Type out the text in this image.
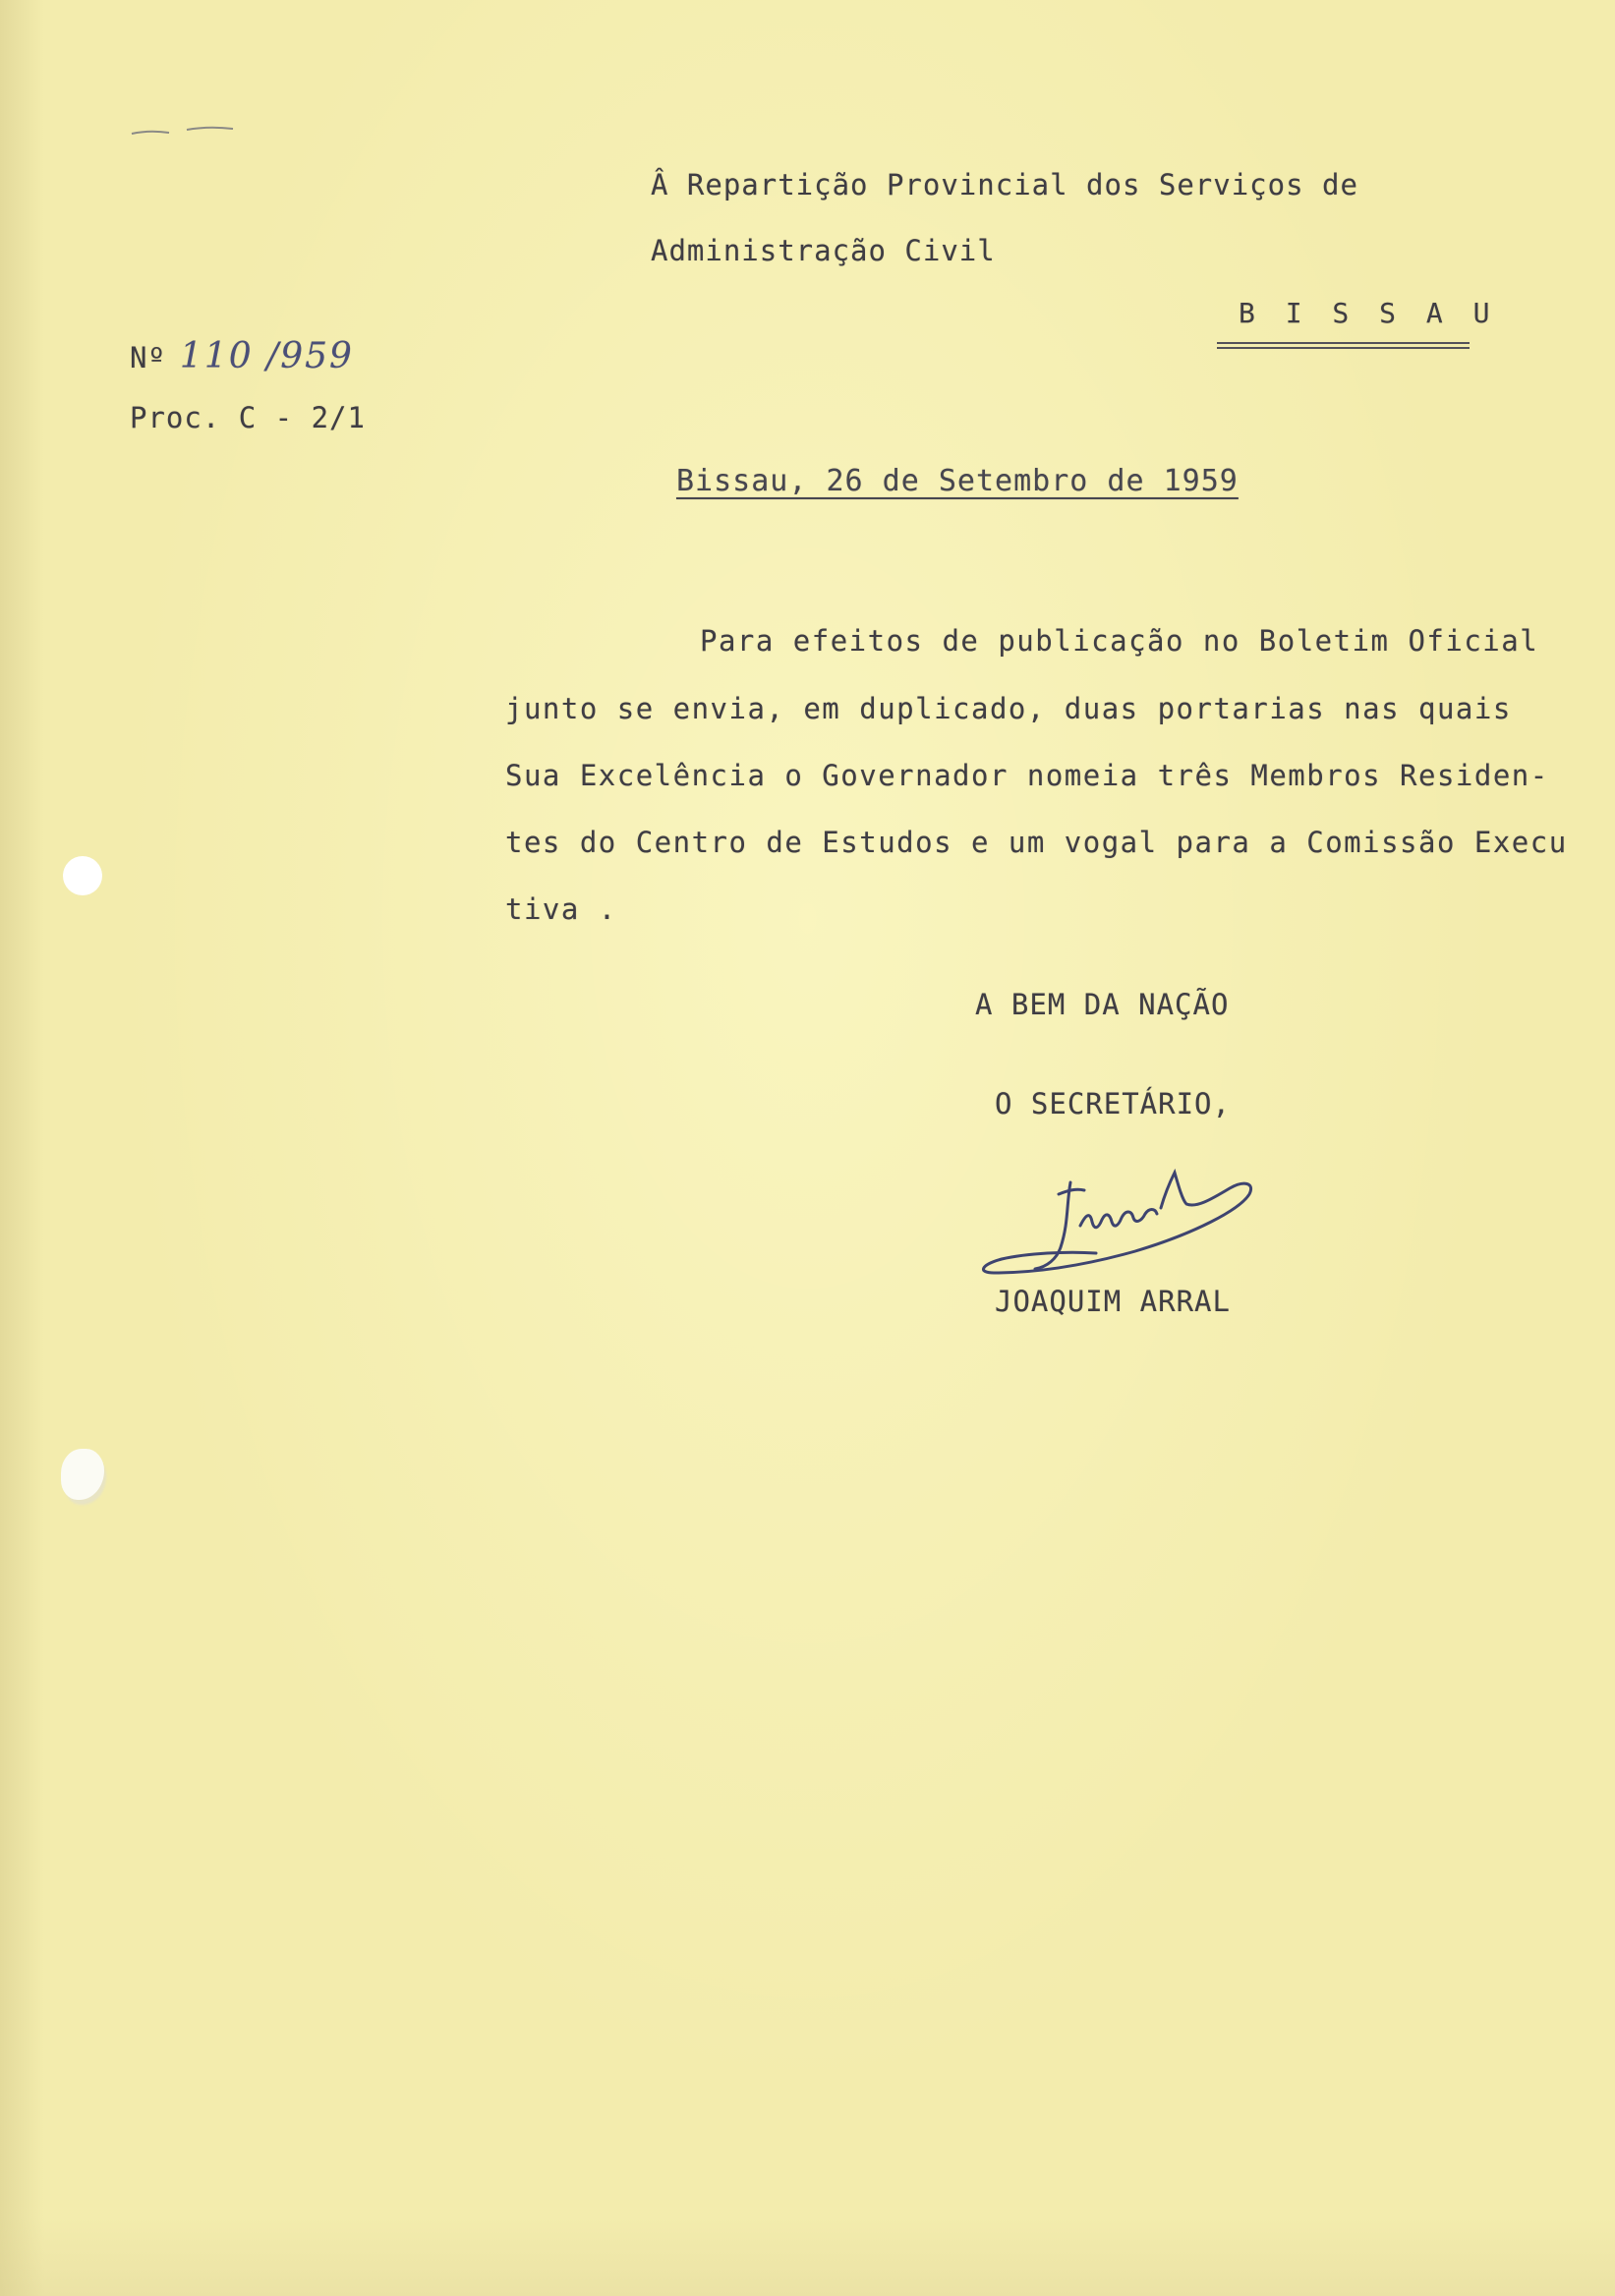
Â Repartição Provincial dos Serviços de
Administração Civil
B I S S A U
Nº 110 /959
Proc. C - 2/1
Bissau, 26 de Setembro de 1959
Para efeitos de publicação no Boletim Oficial
junto se envia, em duplicado, duas portarias nas quais
Sua Excelência o Governador nomeia três Membros Residen-
tes do Centro de Estudos e um vogal para a Comissão Execu
tiva .
A BEM DA NAÇÃO
O SECRETÁRIO,
JOAQUIM ARRAL
